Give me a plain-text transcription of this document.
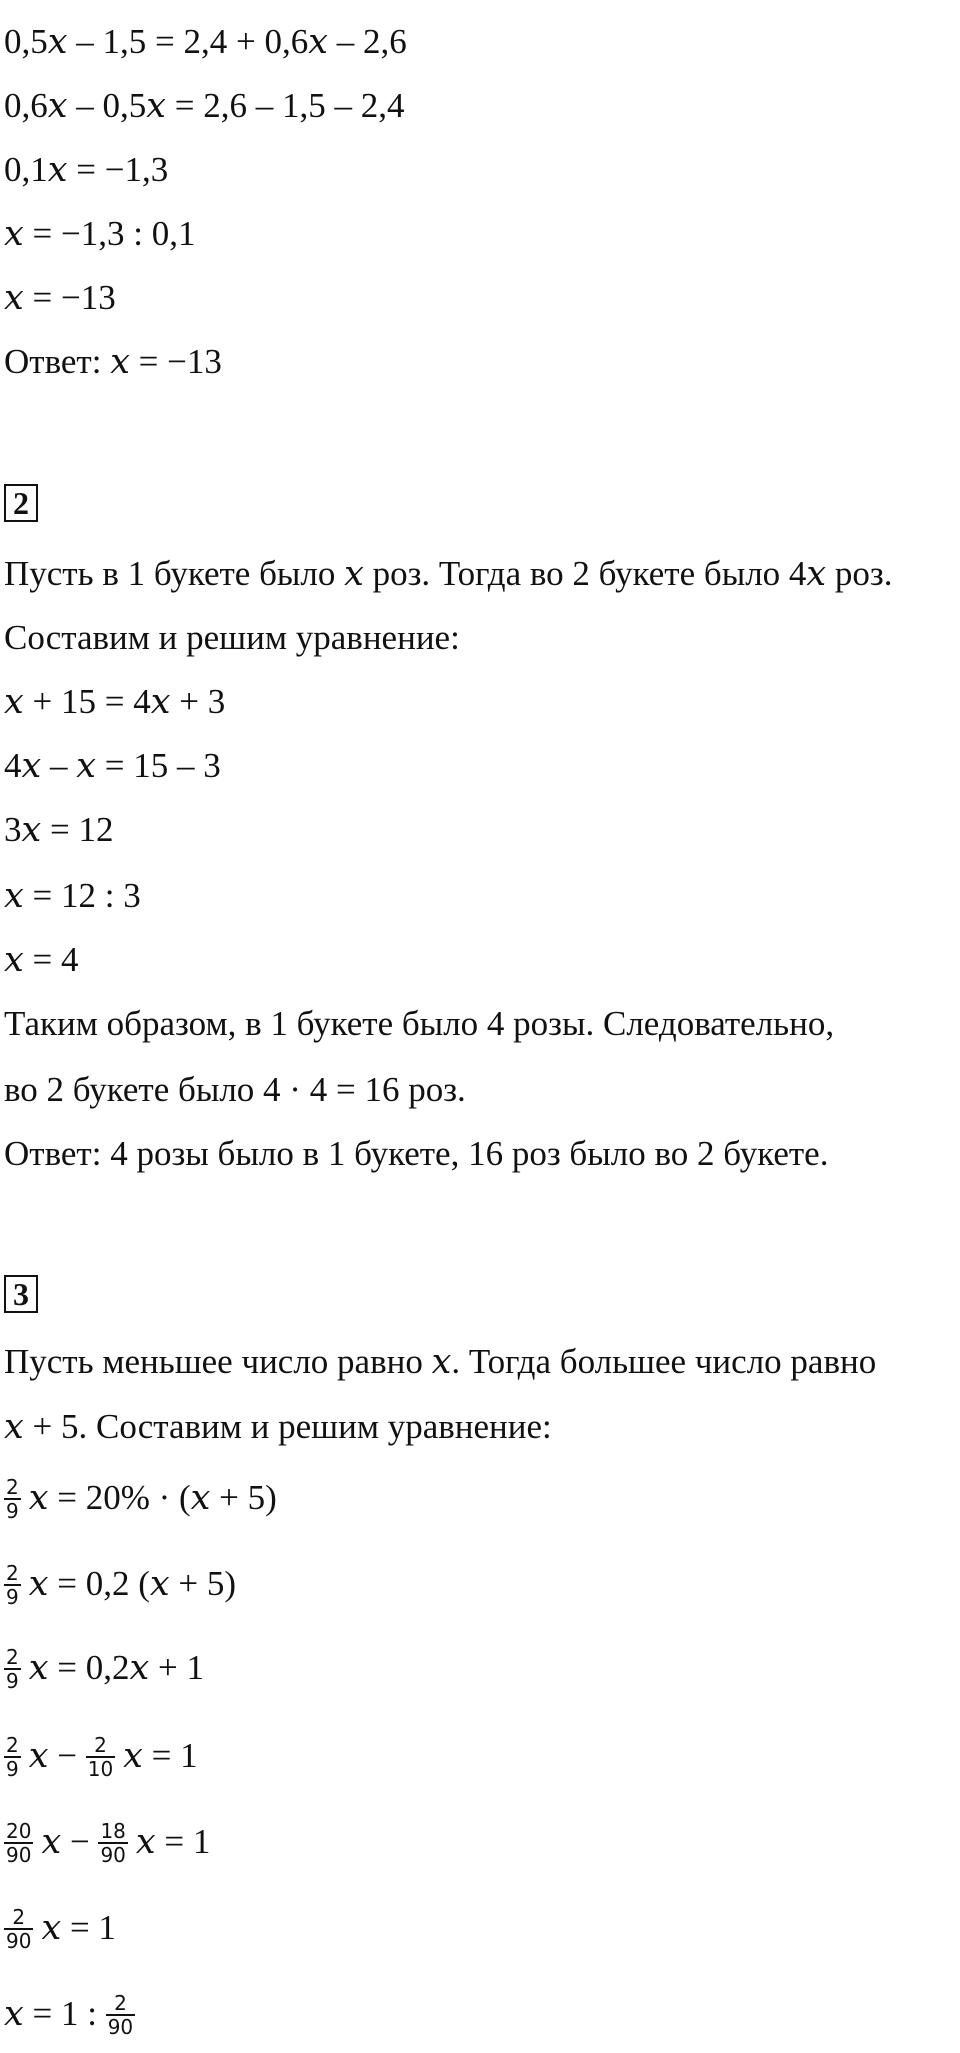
0,5𝑥 – 1,5 = 2,4 + 0,6𝑥 – 2,6
0,6𝑥 – 0,5𝑥 = 2,6 – 1,5 – 2,4
0,1𝑥 = −1,3
𝑥 = −1,3 : 0,1
𝑥 = −13
Ответ: 𝑥 = −13
2
Пусть в 1 букете было 𝑥 роз. Тогда во 2 букете было 4𝑥 роз.
Составим и решим уравнение:
𝑥 + 15 = 4𝑥 + 3
4𝑥 – 𝑥 = 15 – 3
3𝑥 = 12
𝑥 = 12 : 3
𝑥 = 4
Таким образом, в 1 букете было 4 розы. Следовательно,
во 2 букете было 4 · 4 = 16 роз.
Ответ: 4 розы было в 1 букете, 16 роз было во 2 букете.
3
Пусть меньшее число равно 𝑥. Тогда большее число равно
𝑥 + 5. Составим и решим уравнение:
$\frac{2}{9}$ 𝑥 = 20% · (𝑥 + 5)
$\frac{2}{9}$ 𝑥 = 0,2 (𝑥 + 5)
$\frac{2}{9}$ 𝑥 = 0,2𝑥 + 1
$\frac{2}{9}$ 𝑥 − $\frac{2}{10}$ 𝑥 = 1
$\frac{20}{90}$ 𝑥 − $\frac{18}{90}$ 𝑥 = 1
$\frac{2}{90}$ 𝑥 = 1
𝑥 = 1 : $\frac{2}{90}$
